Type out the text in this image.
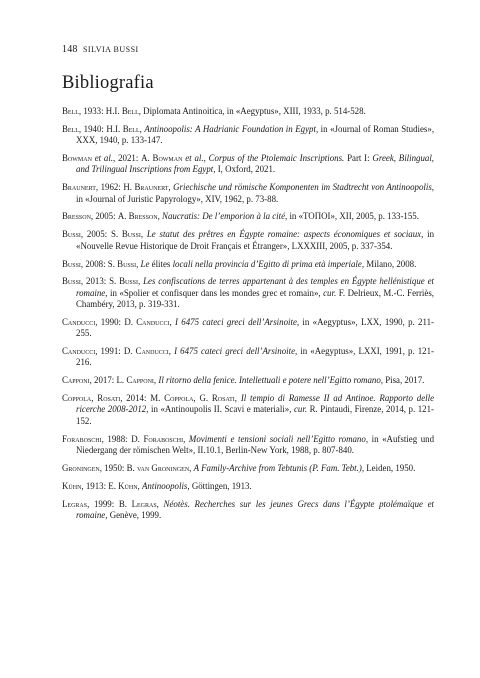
148 SILVIA BUSSI
Bibliografia

Bell, 1933: H.I. Bell, Diplomata Antinoitica, in «Aegyptus», XIII, 1933, p. 514-528.

Bell, 1940: H.I. Bell, Antinoopolis: A Hadrianic Foundation in Egypt, in «Journal of Roman Studies», XXX, 1940, p. 133-147.

Bowman et al., 2021: A. Bowman et al., Corpus of the Ptolemaic Inscriptions. Part I: Greek, Bilingual, and Trilingual Inscriptions from Egypt, I, Oxford, 2021.

Braunert, 1962: H. Braunert, Griechische und römische Komponenten im Stadtrecht von Antinoopolis, in «Journal of Juristic Papyrology», XIV, 1962, p. 73-88.

Bresson, 2005: A. Bresson, Naucratis: De l’emporion à la cité, in «ΤΟΠΟΙ», XII, 2005, p. 133-155.

Bussi, 2005: S. Bussi, Le statut des prêtres en Égypte romaine: aspects économiques et sociaux, in «Nouvelle Revue Historique de Droit Français et Étranger», LXXXIII, 2005, p. 337-354.

Bussi, 2008: S. Bussi, Le élites locali nella provincia d’Egitto di prima età imperiale, Milano, 2008.

Bussi, 2013: S. Bussi, Les confiscations de terres appartenant à des temples en Égypte hellénistique et romaine, in «Spolier et confisquer dans les mondes grec et romain», cur. F. Delrieux, M.-C. Ferriès, Chambéry, 2013, p. 319-331.

Canducci, 1990: D. Canducci, I 6475 cateci greci dell’Arsinoite, in «Aegyptus», LXX, 1990, p. 211-255.

Canducci, 1991: D. Canducci, I 6475 cateci greci dell’Arsinoite, in «Aegyptus», LXXI, 1991, p. 121-216.

Capponi, 2017: L. Capponi, Il ritorno della fenice. Intellettuali e potere nell’Egitto romano, Pisa, 2017.

Coppola, Rosati, 2014: M. Coppola, G. Rosati, Il tempio di Ramesse II ad Antinoe. Rapporto delle ricerche 2008-2012, in «Antinoupolis II. Scavi e materiali», cur. R. Pintaudi, Firenze, 2014, p. 121-152.

Foraboschi, 1988: D. Foraboschi, Movimenti e tensioni sociali nell’Egitto romano, in «Aufstieg und Niedergang der römischen Welt», II.10.1, Berlin-New York, 1988, p. 807-840.

Groningen, 1950: B. van Groningen, A Family-Archive from Tebtunis (P. Fam. Tebt.), Leiden, 1950.

Kühn, 1913: E. Kühn, Antinoopolis, Göttingen, 1913.

Legras, 1999: B. Legras, Néotès. Recherches sur les jeunes Grecs dans l’Égypte ptolémaïque et romaine, Genève, 1999.
